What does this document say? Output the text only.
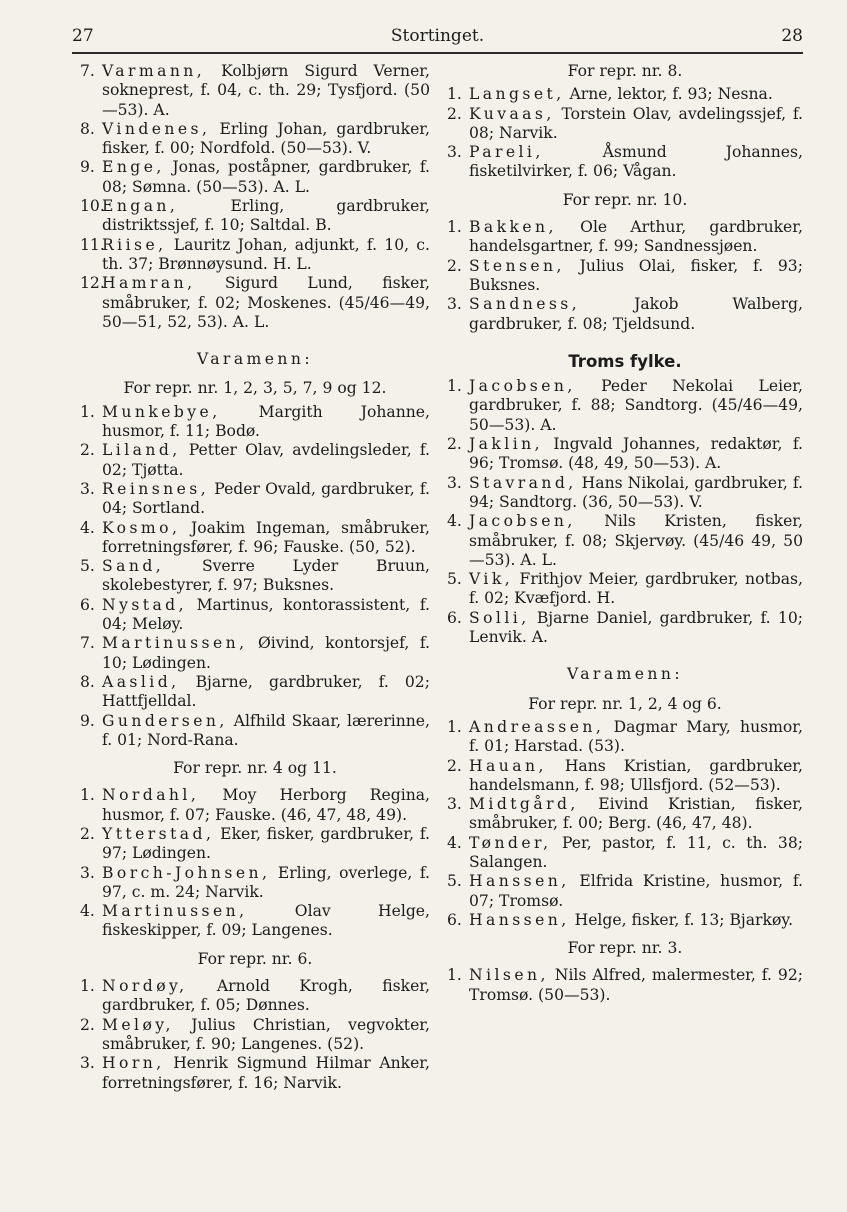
27	Stortinget.	28
7. Varmann, Kolbjørn Sigurd Verner, sokneprest, f. 04, c. th. 29; Tysfjord. (50—53). A.
8. Vindenes, Erling Johan, gardbruker, fisker, f. 00; Nordfold. (50—53). V.
9. Enge, Jonas, poståpner, gardbruker, f. 08; Sømna. (50—53). A. L.
10.
Engan, Erling, gardbruker, distriktssjef, f. 10; Saltdal. B.
11.
Riise, Lauritz Johan, adjunkt, f. 10, c. th. 37; Brønnøysund. H. L.
12.
Hamran, Sigurd Lund, fisker, småbruker, f. 02; Moskenes. (45/46—49, 50—51, 52, 53). A. L.
Varamenn:
For repr. nr. 1, 2, 3, 5, 7, 9 og 12.
1. Munkebye, Margith Johanne, husmor, f. 11; Bodø.
2. Liland, Petter Olav, avdelingsleder, f. 02; Tjøtta.
3. Reinsnes, Peder Ovald, gardbruker, f. 04; Sortland.
4. Kosmo, Joakim Ingeman, småbruker, forretningsfører, f. 96; Fauske. (50, 52).
5. Sand, Sverre Lyder Bruun, skolebestyrer, f. 97; Buksnes.
6. Nystad, Martinus, kontorassistent, f. 04; Meløy.
7. Martinussen, Øivind, kontorsjef, f. 10; Lødingen.
8. Aaslid, Bjarne, gardbruker, f. 02; Hattfjelldal.
9. Gundersen, Alfhild Skaar, lærerinne, f. 01; Nord-Rana.
For repr. nr. 4 og 11.
1. Nordahl, Moy Herborg Regina, husmor, f. 07; Fauske. (46, 47, 48, 49).
2. Ytterstad, Eker, fisker, gardbruker, f. 97; Lødingen.
3. Borch-Johnsen, Erling, overlege, f. 97, c. m. 24; Narvik.
4. Martinussen, Olav Helge, fiskeskipper, f. 09; Langenes.
For repr. nr. 6.
1. Nordøy, Arnold Krogh, fisker, gardbruker, f. 05; Dønnes.
2. Meløy, Julius Christian, vegvokter, småbruker, f. 90; Langenes. (52).
3. Horn, Henrik Sigmund Hilmar Anker, forretningsfører, f. 16; Narvik.
For repr. nr. 8.
1. Langset, Arne, lektor, f. 93; Nesna.
2. Kuvaas, Torstein Olav, avdelingssjef, f. 08; Narvik.
3. Pareli, Åsmund Johannes, fisketilvirker, f. 06; Vågan.
For repr. nr. 10.
1. Bakken, Ole Arthur, gardbruker, handelsgartner, f. 99; Sandnessjøen.
2. Stensen, Julius Olai, fisker, f. 93; Buksnes.
3. Sandness, Jakob Walberg, gardbruker, f. 08; Tjeldsund.
Troms fylke.
1. Jacobsen, Peder Nekolai Leier, gardbruker, f. 88; Sandtorg. (45/46—49, 50—53). A.
2. Jaklin, Ingvald Johannes, redaktør, f. 96; Tromsø. (48, 49, 50—53). A.
3. Stavrand, Hans Nikolai, gardbruker, f. 94; Sandtorg. (36, 50—53). V.
4. Jacobsen, Nils Kristen, fisker, småbruker, f. 08; Skjervøy. (45/46 49, 50—53). A. L.
5. Vik, Frithjov Meier, gardbruker, notbas, f. 02; Kvæfjord. H.
6. Solli, Bjarne Daniel, gardbruker, f. 10; Lenvik. A.
Varamenn:
For repr. nr. 1, 2, 4 og 6.
1. Andreassen, Dagmar Mary, husmor, f. 01; Harstad. (53).
2. Hauan, Hans Kristian, gardbruker, handelsmann, f. 98; Ullsfjord. (52—53).
3. Midtgård, Eivind Kristian, fisker, småbruker, f. 00; Berg. (46, 47, 48).
4. Tønder, Per, pastor, f. 11, c. th. 38; Salangen.
5. Hanssen, Elfrida Kristine, husmor, f. 07; Tromsø.
6. Hanssen, Helge, fisker, f. 13; Bjarkøy.
For repr. nr. 3.
1. Nilsen, Nils Alfred, malermester, f. 92; Tromsø. (50—53).
